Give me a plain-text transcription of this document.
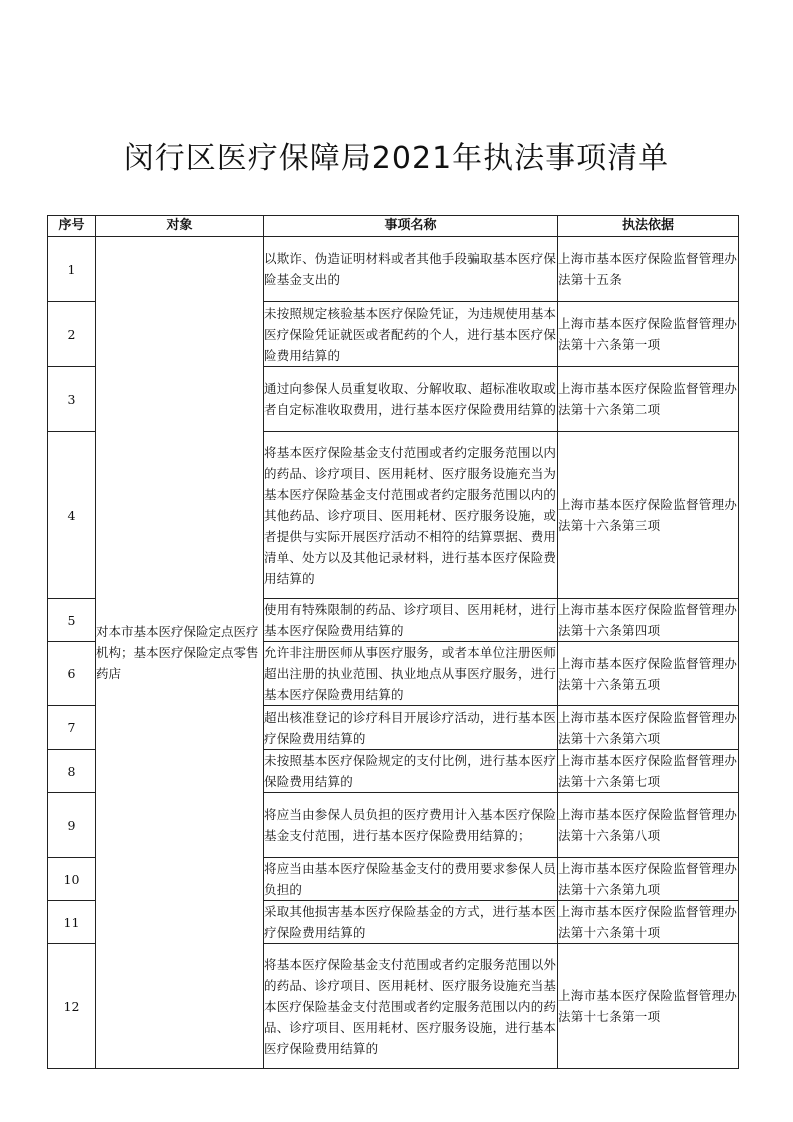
闵行区医疗保障局2021年执法事项清单
序号	对象	事项名称	执法依据
1	对本市基本医疗保险定点医疗机构；基本医疗保险定点零售药店	以欺诈、伪造证明材料或者其他手段骗取基本医疗保险基金支出的	上海市基本医疗保险监督管理办法第十五条
2		未按照规定核验基本医疗保险凭证，为违规使用基本医疗保险凭证就医或者配药的个人，进行基本医疗保险费用结算的	上海市基本医疗保险监督管理办法第十六条第一项
3		通过向参保人员重复收取、分解收取、超标准收取或者自定标准收取费用，进行基本医疗保险费用结算的	上海市基本医疗保险监督管理办法第十六条第二项
4		将基本医疗保险基金支付范围或者约定服务范围以内的药品、诊疗项目、医用耗材、医疗服务设施充当为基本医疗保险基金支付范围或者约定服务范围以内的其他药品、诊疗项目、医用耗材、医疗服务设施，或者提供与实际开展医疗活动不相符的结算票据、费用清单、处方以及其他记录材料，进行基本医疗保险费用结算的	上海市基本医疗保险监督管理办法第十六条第三项
5		使用有特殊限制的药品、诊疗项目、医用耗材，进行基本医疗保险费用结算的	上海市基本医疗保险监督管理办法第十六条第四项
6		允许非注册医师从事医疗服务，或者本单位注册医师超出注册的执业范围、执业地点从事医疗服务，进行基本医疗保险费用结算的	上海市基本医疗保险监督管理办法第十六条第五项
7		超出核准登记的诊疗科目开展诊疗活动，进行基本医疗保险费用结算的	上海市基本医疗保险监督管理办法第十六条第六项
8		未按照基本医疗保险规定的支付比例，进行基本医疗保险费用结算的	上海市基本医疗保险监督管理办法第十六条第七项
9		将应当由参保人员负担的医疗费用计入基本医疗保险基金支付范围，进行基本医疗保险费用结算的；	上海市基本医疗保险监督管理办法第十六条第八项
10		将应当由基本医疗保险基金支付的费用要求参保人员负担的	上海市基本医疗保险监督管理办法第十六条第九项
11		采取其他损害基本医疗保险基金的方式，进行基本医疗保险费用结算的	上海市基本医疗保险监督管理办法第十六条第十项
12		将基本医疗保险基金支付范围或者约定服务范围以外的药品、诊疗项目、医用耗材、医疗服务设施充当基本医疗保险基金支付范围或者约定服务范围以内的药品、诊疗项目、医用耗材、医疗服务设施，进行基本医疗保险费用结算的	上海市基本医疗保险监督管理办法第十七条第一项
